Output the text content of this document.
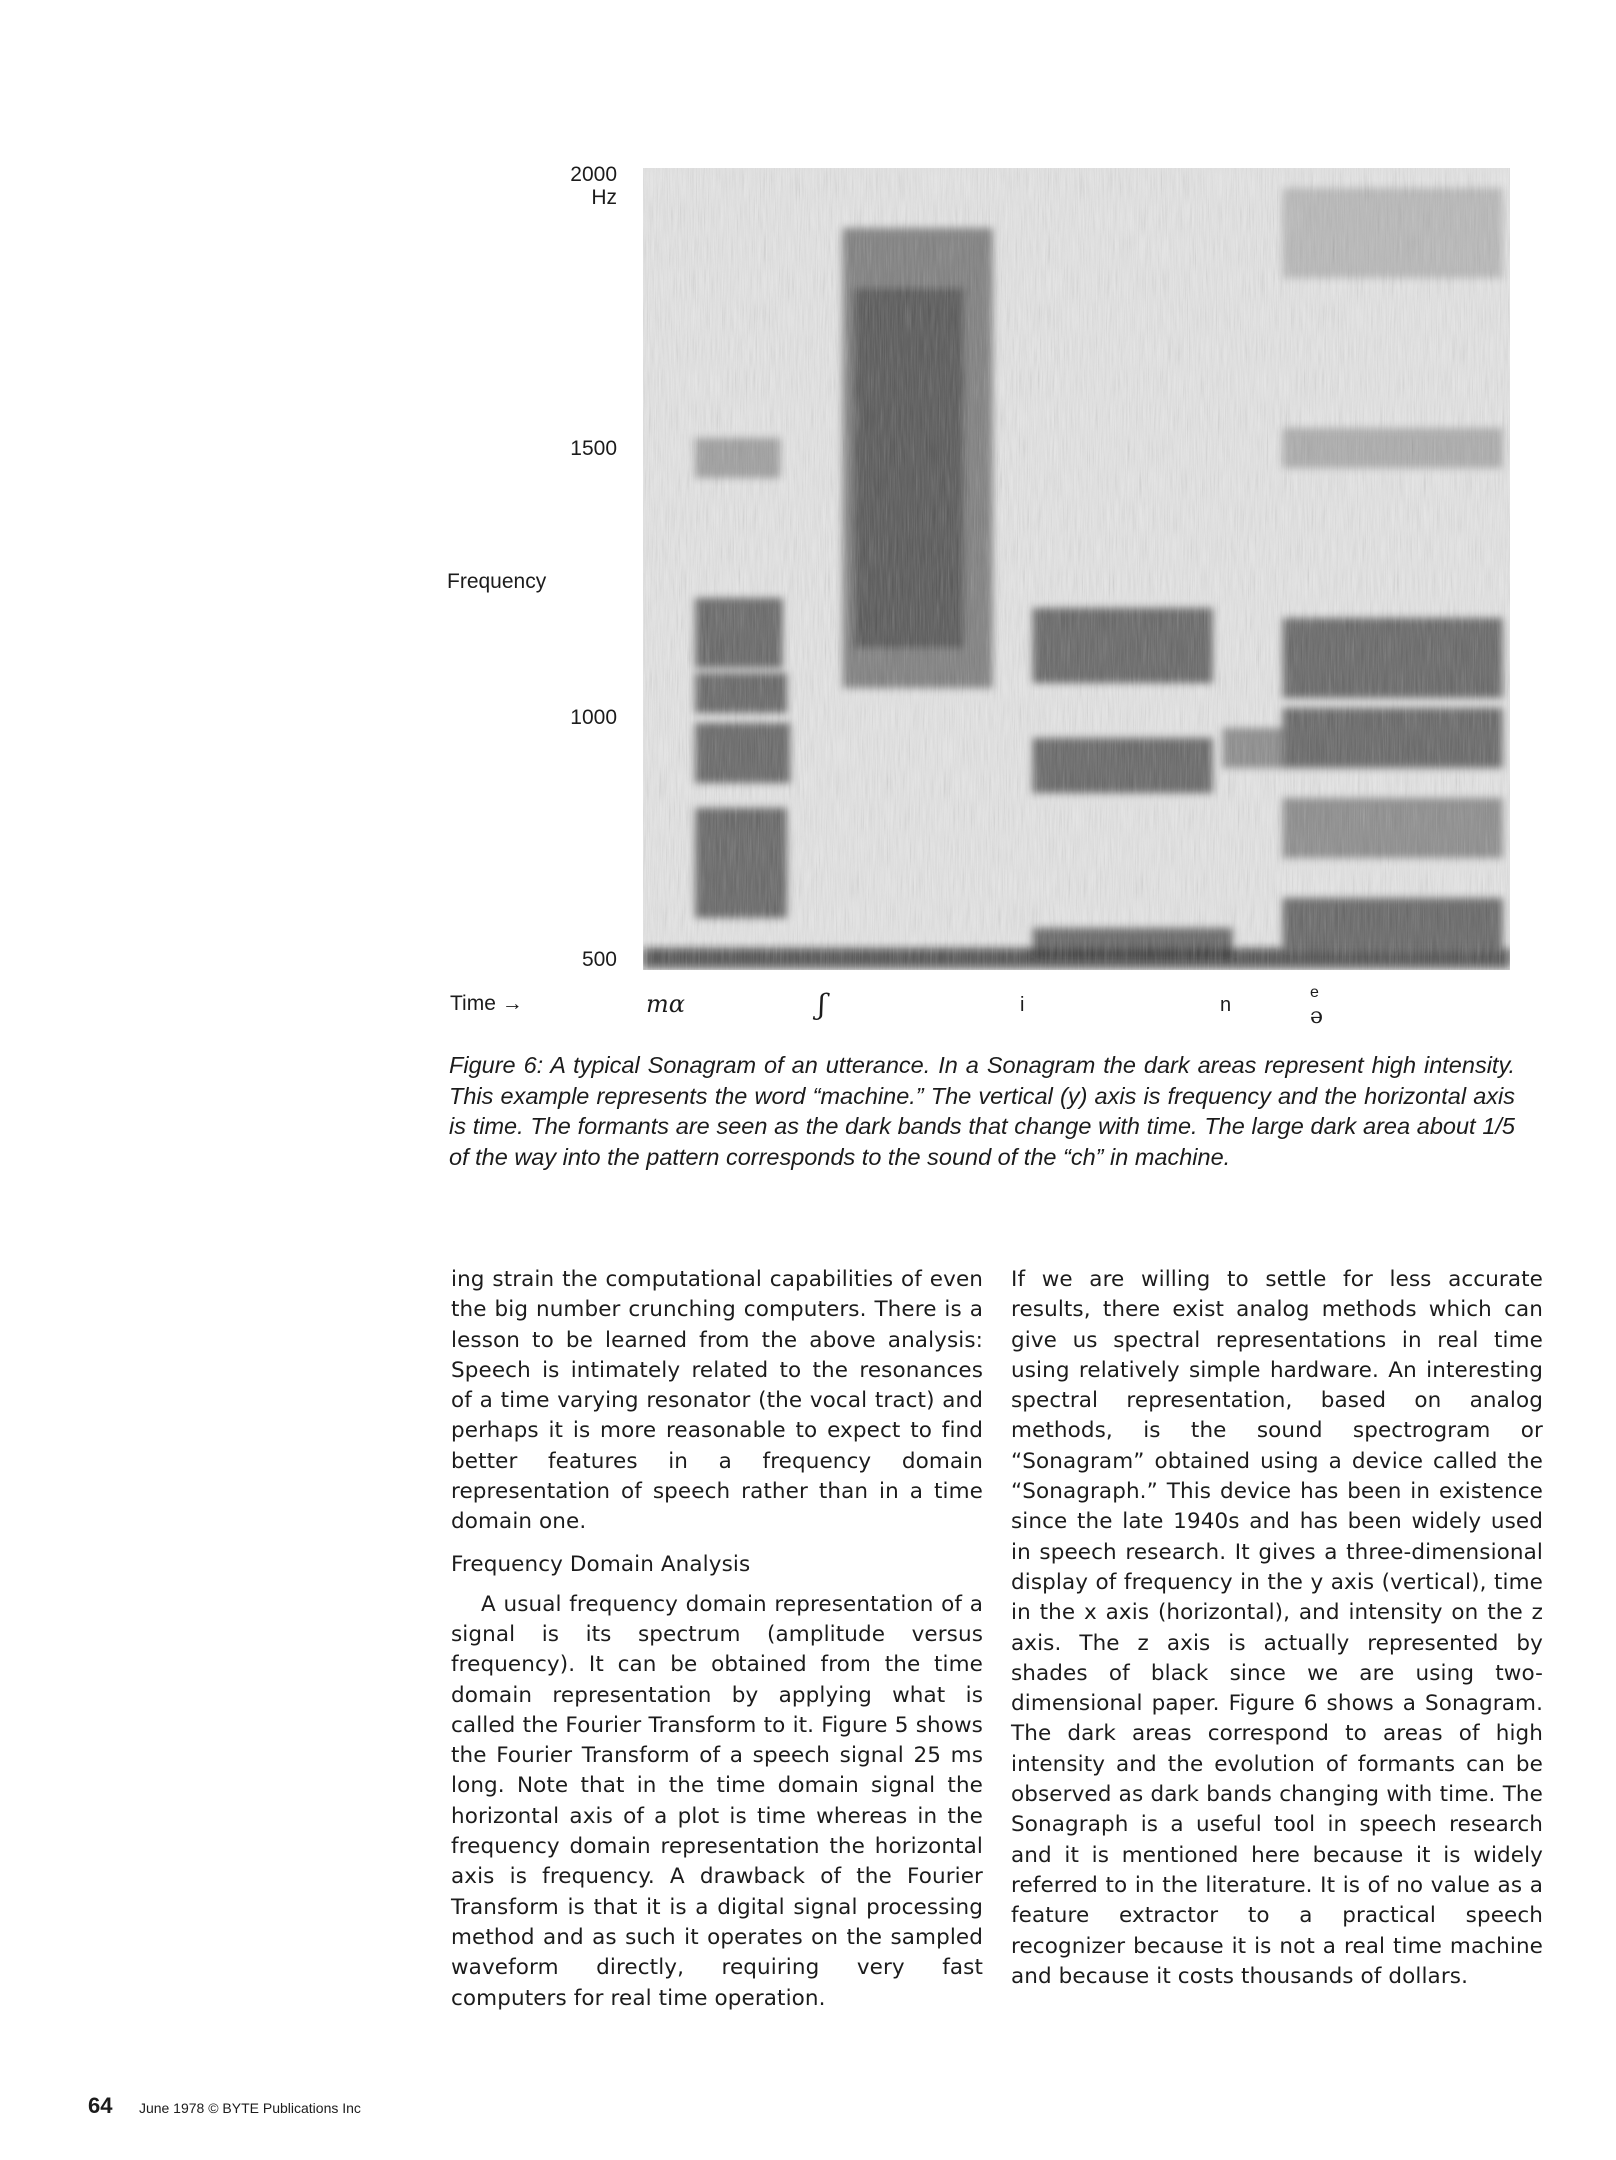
2000
Hz
1500
1000
500
Frequency
Time →	mɑ	ʃ	i	n
e
ə

Figure 6: A typical Sonagram of an utterance. In a Sonagram the dark areas represent high intensity. This example represents the word “machine.” The vertical (y) axis is frequency and the horizontal axis is time. The formants are seen as the dark bands that change with time. The large dark area about 1/5 of the way into the pattern corresponds to the sound of the “ch” in machine.

ing strain the computational capabilities of even the big number crunching computers. There is a lesson to be learned from the above analysis: Speech is intimately related to the resonances of a time varying resonator (the vocal tract) and perhaps it is more reasonable to expect to find better features in a frequency domain representation of speech rather than in a time domain one.

Frequency Domain Analysis

A usual frequency domain representation of a signal is its spectrum (amplitude versus frequency). It can be obtained from the time domain representation by applying what is called the Fourier Transform to it. Figure 5 shows the Fourier Transform of a speech signal 25 ms long. Note that in the time domain signal the horizontal axis of a plot is time whereas in the frequency domain representation the horizontal axis is frequency. A drawback of the Fourier Transform is that it is a digital signal processing method and as such it operates on the sampled waveform directly, requiring very fast computers for real time operation.

If we are willing to settle for less accurate results, there exist analog methods which can give us spectral representations in real time using relatively simple hardware. An interesting spectral representation, based on analog methods, is the sound spectrogram or “Sonagram” obtained using a device called the “Sonagraph.” This device has been in existence since the late 1940s and has been widely used in speech research. It gives a three-dimensional display of frequency in the y axis (vertical), time in the x axis (horizontal), and intensity on the z axis. The z axis is actually represented by shades of black since we are using two-dimensional paper. Figure 6 shows a Sonagram. The dark areas correspond to areas of high intensity and the evolution of formants can be observed as dark bands changing with time. The Sonagraph is a useful tool in speech research and it is mentioned here because it is widely referred to in the literature. It is of no value as a feature extractor to a practical speech recognizer because it is not a real time machine and because it costs thousands of dollars.

64 June 1978 © BYTE Publications Inc
